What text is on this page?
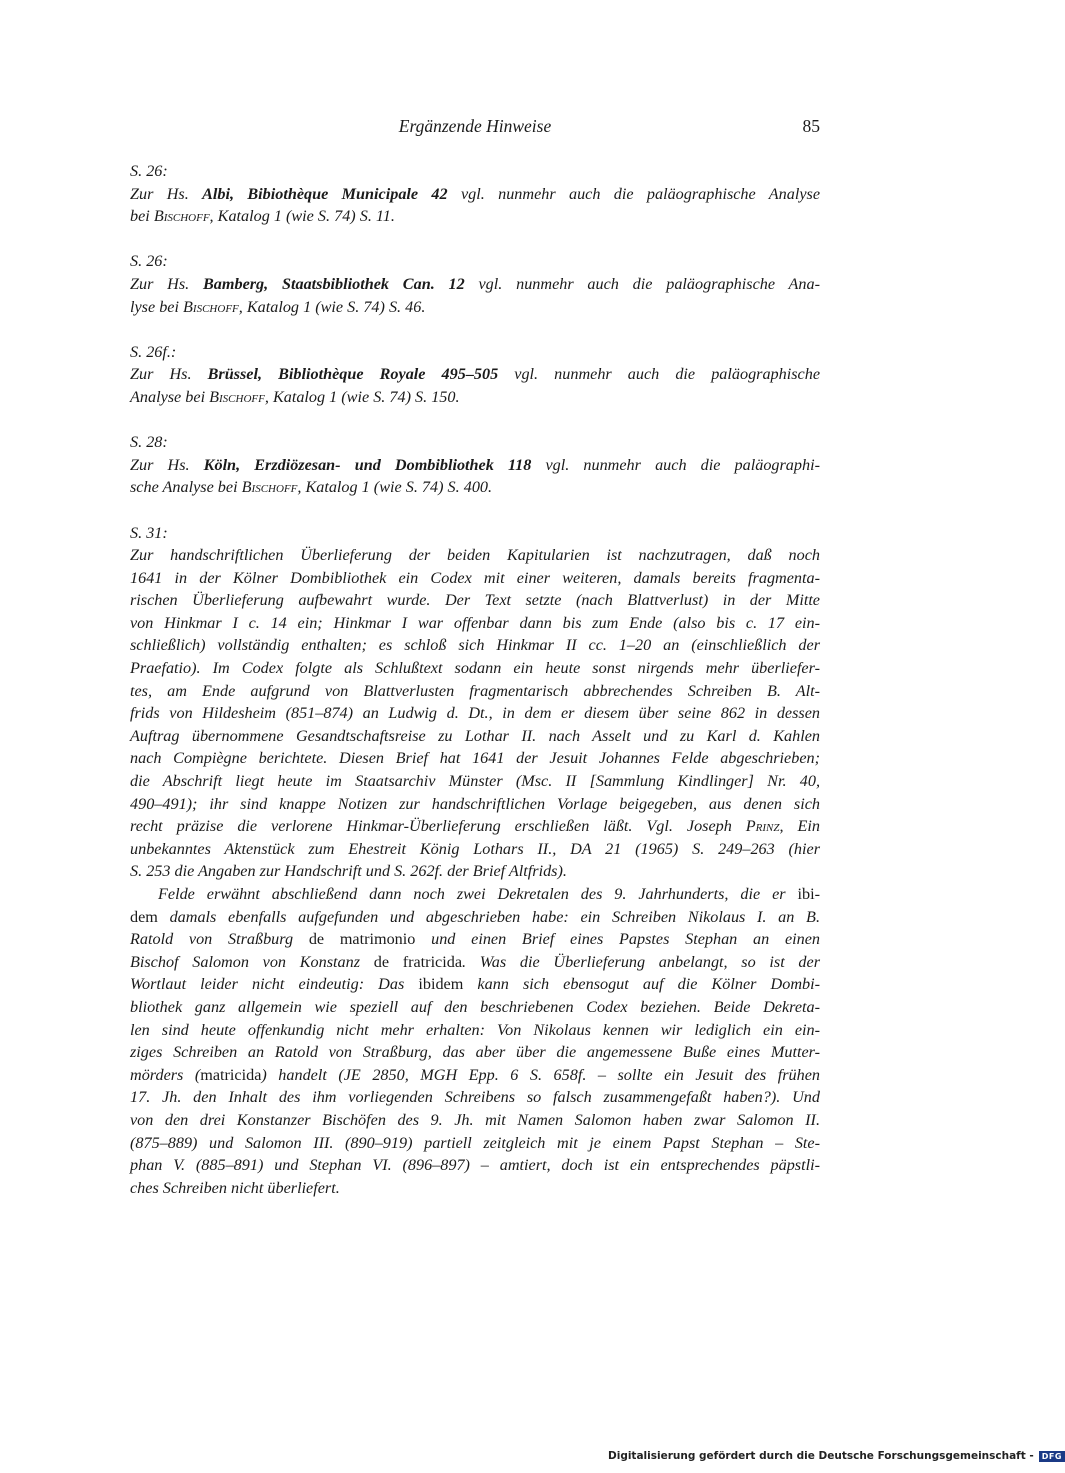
Ergänzende Hinweise	85
S. 26:
Zur Hs. Albi, Bibiothèque Municipale 42 vgl. nunmehr auch die paläographische Analyse
bei Bischoff, Katalog 1 (wie S. 74) S. 11.
S. 26:
Zur Hs. Bamberg, Staatsbibliothek Can. 12 vgl. nunmehr auch die paläographische Ana-
lyse bei Bischoff, Katalog 1 (wie S. 74) S. 46.
S. 26f.:
Zur Hs. Brüssel, Bibliothèque Royale 495–505 vgl. nunmehr auch die paläographische
Analyse bei Bischoff, Katalog 1 (wie S. 74) S. 150.
S. 28:
Zur Hs. Köln, Erzdiözesan- und Dombibliothek 118 vgl. nunmehr auch die paläographi-
sche Analyse bei Bischoff, Katalog 1 (wie S. 74) S. 400.
S. 31:
Zur handschriftlichen Überlieferung der beiden Kapitularien ist nachzutragen, daß noch
1641 in der Kölner Dombibliothek ein Codex mit einer weiteren, damals bereits fragmenta-
rischen Überlieferung aufbewahrt wurde. Der Text setzte (nach Blattverlust) in der Mitte
von Hinkmar I c. 14 ein; Hinkmar I war offenbar dann bis zum Ende (also bis c. 17 ein-
schließlich) vollständig enthalten; es schloß sich Hinkmar II cc. 1–20 an (einschließlich der
Praefatio). Im Codex folgte als Schlußtext sodann ein heute sonst nirgends mehr überliefer-
tes, am Ende aufgrund von Blattverlusten fragmentarisch abbrechendes Schreiben B. Alt-
frids von Hildesheim (851–874) an Ludwig d. Dt., in dem er diesem über seine 862 in dessen
Auftrag übernommene Gesandtschaftsreise zu Lothar II. nach Asselt und zu Karl d. Kahlen
nach Compiègne berichtete. Diesen Brief hat 1641 der Jesuit Johannes Felde abgeschrieben;
die Abschrift liegt heute im Staatsarchiv Münster (Msc. II [Sammlung Kindlinger] Nr. 40,
490–491); ihr sind knappe Notizen zur handschriftlichen Vorlage beigegeben, aus denen sich
recht präzise die verlorene Hinkmar-Überlieferung erschließen läßt. Vgl. Joseph Prinz, Ein
unbekanntes Aktenstück zum Ehestreit König Lothars II., DA 21 (1965) S. 249–263 (hier
S. 253 die Angaben zur Handschrift und S. 262f. der Brief Altfrids).
Felde erwähnt abschließend dann noch zwei Dekretalen des 9. Jahrhunderts, die er ibi-
dem damals ebenfalls aufgefunden und abgeschrieben habe: ein Schreiben Nikolaus I. an B.
Ratold von Straßburg de matrimonio und einen Brief eines Papstes Stephan an einen
Bischof Salomon von Konstanz de fratricida. Was die Überlieferung anbelangt, so ist der
Wortlaut leider nicht eindeutig: Das ibidem kann sich ebensogut auf die Kölner Dombi-
bliothek ganz allgemein wie speziell auf den beschriebenen Codex beziehen. Beide Dekreta-
len sind heute offenkundig nicht mehr erhalten: Von Nikolaus kennen wir lediglich ein ein-
ziges Schreiben an Ratold von Straßburg, das aber über die angemessene Buße eines Mutter-
mörders (matricida) handelt (JE 2850, MGH Epp. 6 S. 658f. – sollte ein Jesuit des frühen
17. Jh. den Inhalt des ihm vorliegenden Schreibens so falsch zusammengefaßt haben?). Und
von den drei Konstanzer Bischöfen des 9. Jh. mit Namen Salomon haben zwar Salomon II.
(875–889) und Salomon III. (890–919) partiell zeitgleich mit je einem Papst Stephan – Ste-
phan V. (885–891) und Stephan VI. (896–897) – amtiert, doch ist ein entsprechendes päpstli-
ches Schreiben nicht überliefert.
Digitalisierung gefördert durch die Deutsche Forschungsgemeinschaft -	DFG
